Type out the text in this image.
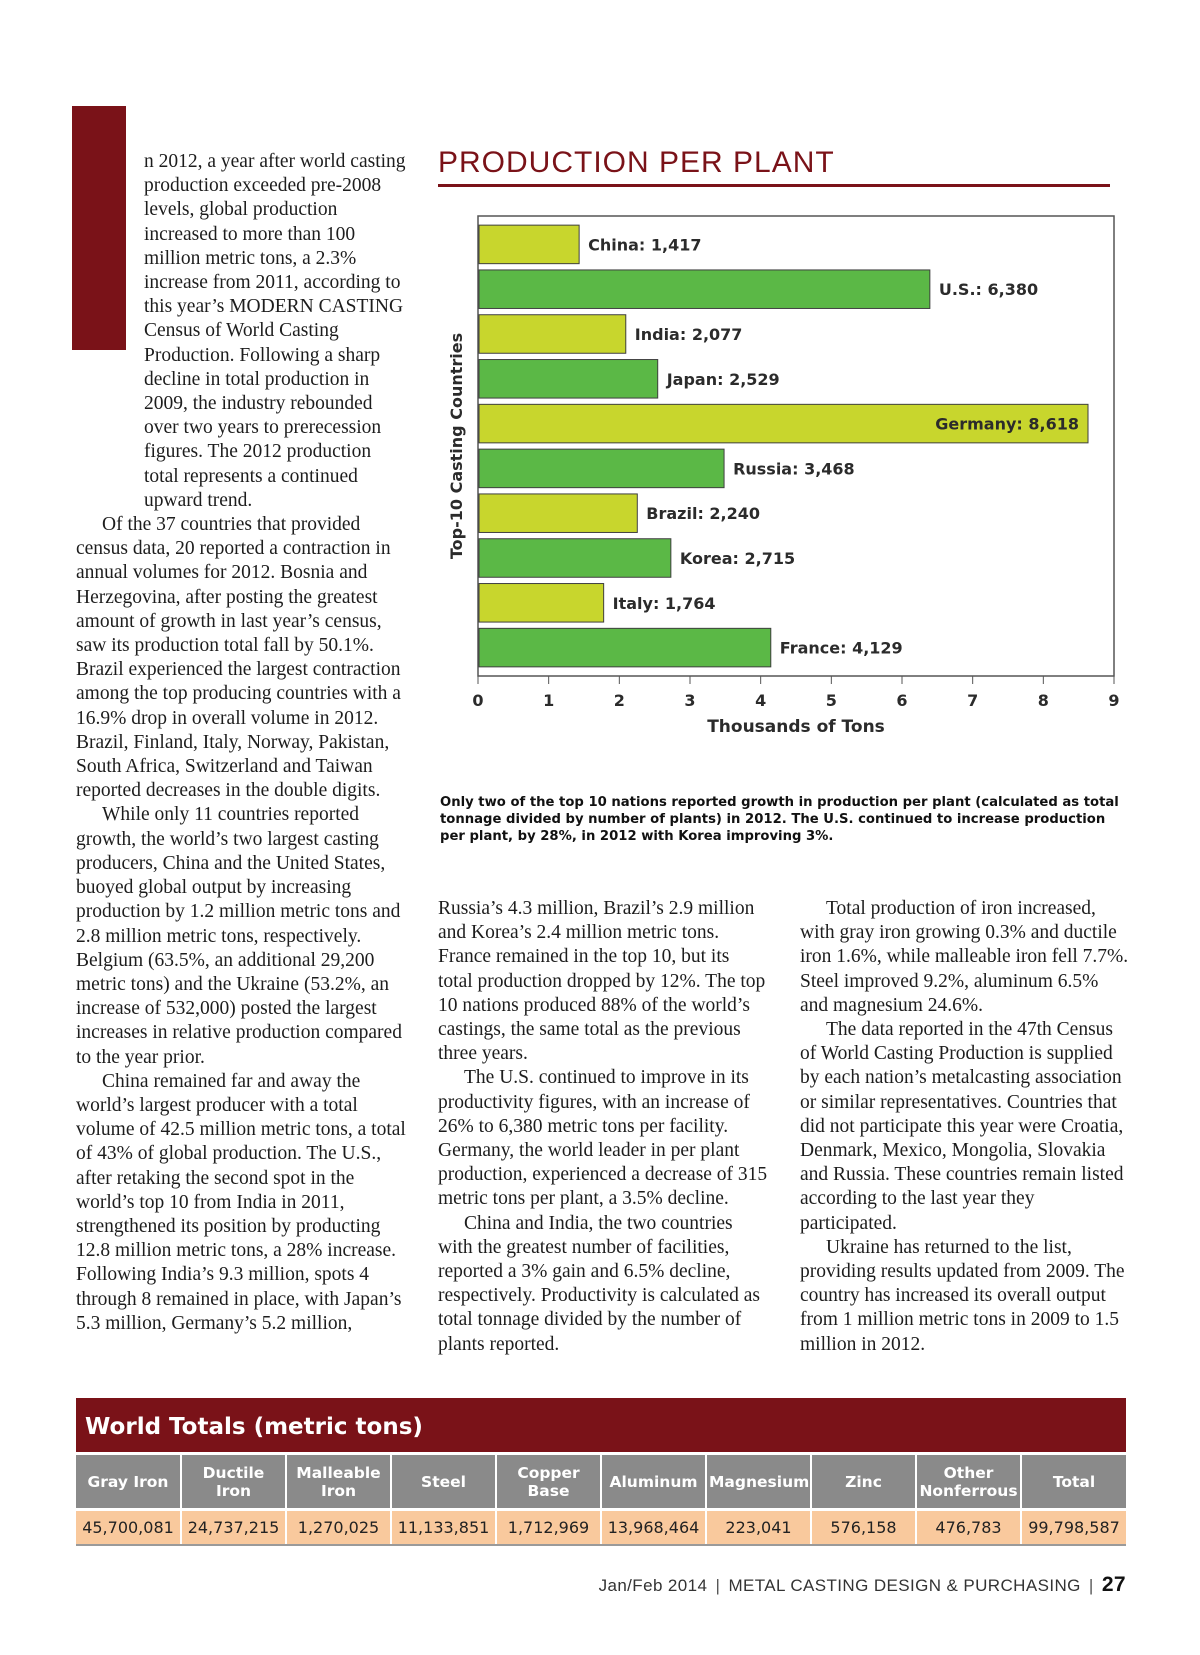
n 2012, a year after world casting production exceeded pre-2008 levels, global production increased to more than 100 million metric tons, a 2.3% increase from 2011, according to this year’s MODERN CASTING Census of World Casting Production. Following a sharp decline in total production in 2009, the industry rebounded over two years to prerecession figures. The 2012 production total represents a continued upward trend.

Of the 37 countries that provided census data, 20 reported a contraction in annual volumes for 2012. Bosnia and Herzegovina, after posting the greatest amount of growth in last year’s census, saw its production total fall by 50.1%. Brazil experienced the largest contraction among the top producing countries with a 16.9% drop in overall volume in 2012. Brazil, Finland, Italy, Norway, Pakistan, South Africa, Switzerland and Taiwan reported decreases in the double digits.

While only 11 countries reported growth, the world’s two largest casting producers, China and the United States, buoyed global output by increasing production by 1.2 million metric tons and 2.8 million metric tons, respectively. Belgium (63.5%, an additional 29,200 metric tons) and the Ukraine (53.2%, an increase of 532,000) posted the largest increases in relative production compared to the year prior.

China remained far and away the world’s largest producer with a total volume of 42.5 million metric tons, a total of 43% of global production. The U.S., after retaking the second spot in the world’s top 10 from India in 2011, strengthened its position by producting 12.8 million metric tons, a 28% increase. Following India’s 9.3 million, spots 4 through 8 remained in place, with Japan’s 5.3 million, Germany’s 5.2 million,

PRODUCTION PER PLANT
China: 1,417
U.S.: 6,380
India: 2,077
Japan: 2,529
Germany: 8,618
Russia: 3,468
Brazil: 2,240
Korea: 2,715
Italy: 1,764
France: 4,129
0	1	2	3	4	5	6	7	8	9
Thousands of Tons
Top-10 Casting Countries
Only two of the top 10 nations reported growth in production per plant (calculated as total tonnage divided by number of plants) in 2012. The U.S. continued to increase production per plant, by 28%, in 2012 with Korea improving 3%.

Russia’s 4.3 million, Brazil’s 2.9 million and Korea’s 2.4 million metric tons. France remained in the top 10, but its total production dropped by 12%. The top 10 nations produced 88% of the world’s castings, the same total as the previous three years.

The U.S. continued to improve in its productivity figures, with an increase of 26% to 6,380 metric tons per facility. Germany, the world leader in per plant production, experienced a decrease of 315 metric tons per plant, a 3.5% decline.

China and India, the two countries with the greatest number of facilities, reported a 3% gain and 6.5% decline, respectively. Productivity is calculated as total tonnage divided by the number of plants reported.

Total production of iron increased, with gray iron growing 0.3% and ductile iron 1.6%, while malleable iron fell 7.7%. Steel improved 9.2%, aluminum 6.5% and magnesium 24.6%.

The data reported in the 47th Census of World Casting Production is supplied by each nation’s metalcasting association or similar representatives. Countries that did not participate this year were Croatia, Denmark, Mexico, Mongolia, Slovakia and Russia. These countries remain listed according to the last year they participated.

Ukraine has returned to the list, providing results updated from 2009. The country has increased its overall output from 1 million metric tons in 2009 to 1.5 million in 2012.

World Totals (metric tons)
Gray Iron	Ductile Iron	Malleable Iron	Steel	Copper Base	Aluminum	Magnesium	Zinc	Other Nonferrous	Total
45,700,081	24,737,215	1,270,025	11,133,851	1,712,969	13,968,464	223,041	576,158	476,783	99,798,587
Jan/Feb 2014 | METAL CASTING DESIGN & PURCHASING | 27
